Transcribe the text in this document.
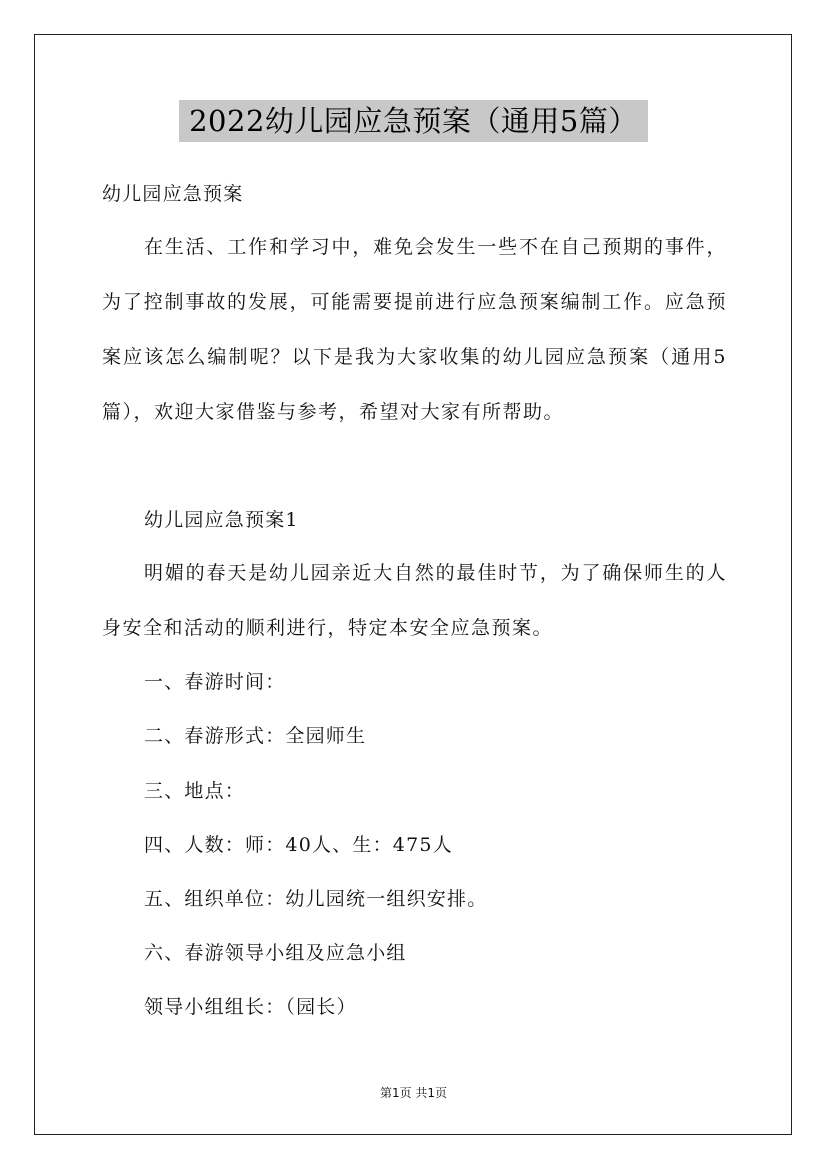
2022幼儿园应急预案（通用5篇）
幼儿园应急预案
在生活、工作和学习中，难免会发生一些不在自己预期的事件，为了控制事故的发展，可能需要提前进行应急预案编制工作。应急预案应该怎么编制呢？以下是我为大家收集的幼儿园应急预案（通用5篇），欢迎大家借鉴与参考，希望对大家有所帮助。
幼儿园应急预案1
明媚的春天是幼儿园亲近大自然的最佳时节，为了确保师生的人身安全和活动的顺利进行，特定本安全应急预案。
一、春游时间：
二、春游形式：全园师生
三、地点：
四、人数：师：40人、生：475人
五、组织单位：幼儿园统一组织安排。
六、春游领导小组及应急小组
领导小组组长：（园长）
第1页 共1页
